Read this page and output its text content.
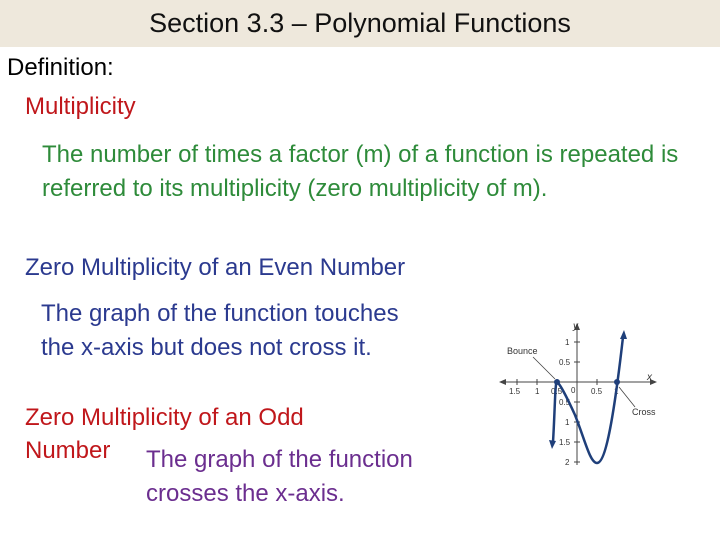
Section 3.3 – Polynomial Functions
Definition:
Multiplicity
The number of times a factor (m) of a function is repeated is referred to its multiplicity (zero multiplicity of m).
Zero Multiplicity of an Even Number
The graph of the function touches the x-axis but does not cross it.
Zero Multiplicity of an Odd
Number The graph of the function
crosses the x-axis.
y
x
Bounce
Cross
1.5 1 0.5 0 0.5 1
1
0.5
0.5
1
1.5
2
